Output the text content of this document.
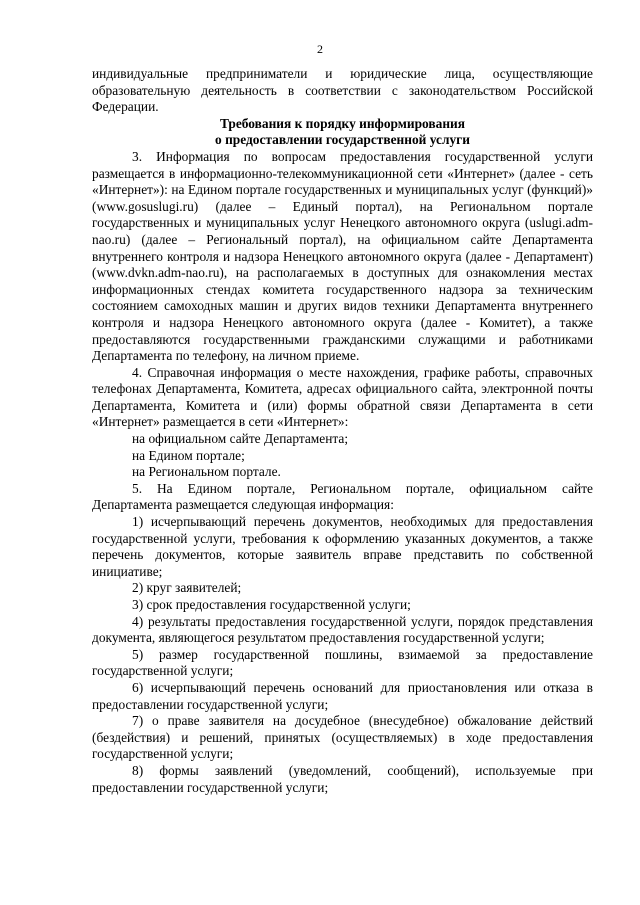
2

индивидуальные предприниматели и юридические лица, осуществляющие образовательную деятельность в соответствии с законодательством Российской Федерации.

Требования к порядку информирования
о предоставлении государственной услуги

3. Информация по вопросам предоставления государственной услуги размещается в информационно-телекоммуникационной сети «Интернет» (далее - сеть «Интернет»): на Едином портале государственных и муниципальных услуг (функций)» (www.gosuslugi.ru) (далее – Единый портал), на Региональном портале государственных и муниципальных услуг Ненецкого автономного округа (uslugi.adm-nao.ru) (далее – Региональный портал), на официальном сайте Департамента внутреннего контроля и надзора Ненецкого автономного округа (далее - Департамент) (www.dvkn.adm-nao.ru), на располагаемых в доступных для ознакомления местах информационных стендах комитета государственного надзора за техническим состоянием самоходных машин и других видов техники Департамента внутреннего контроля и надзора Ненецкого автономного округа (далее - Комитет), а также предоставляются государственными гражданскими служащими и работниками Департамента по телефону, на личном приеме.

4. Справочная информация о месте нахождения, графике работы, справочных телефонах Департамента, Комитета, адресах официального сайта, электронной почты Департамента, Комитета и (или) формы обратной связи Департамента в сети «Интернет» размещается в сети «Интернет»:

на официальном сайте Департамента;

на Едином портале;

на Региональном портале.

5. На Едином портале, Региональном портале, официальном сайте Департамента размещается следующая информация:

1) исчерпывающий перечень документов, необходимых для предоставления государственной услуги, требования к оформлению указанных документов, а также перечень документов, которые заявитель вправе представить по собственной инициативе;

2) круг заявителей;

3) срок предоставления государственной услуги;

4) результаты предоставления государственной услуги, порядок представления документа, являющегося результатом предоставления государственной услуги;

5) размер государственной пошлины, взимаемой за предоставление государственной услуги;

6) исчерпывающий перечень оснований для приостановления или отказа в предоставлении государственной услуги;

7) о праве заявителя на досудебное (внесудебное) обжалование действий (бездействия) и решений, принятых (осуществляемых) в ходе предоставления государственной услуги;

8) формы заявлений (уведомлений, сообщений), используемые при предоставлении государственной услуги;
